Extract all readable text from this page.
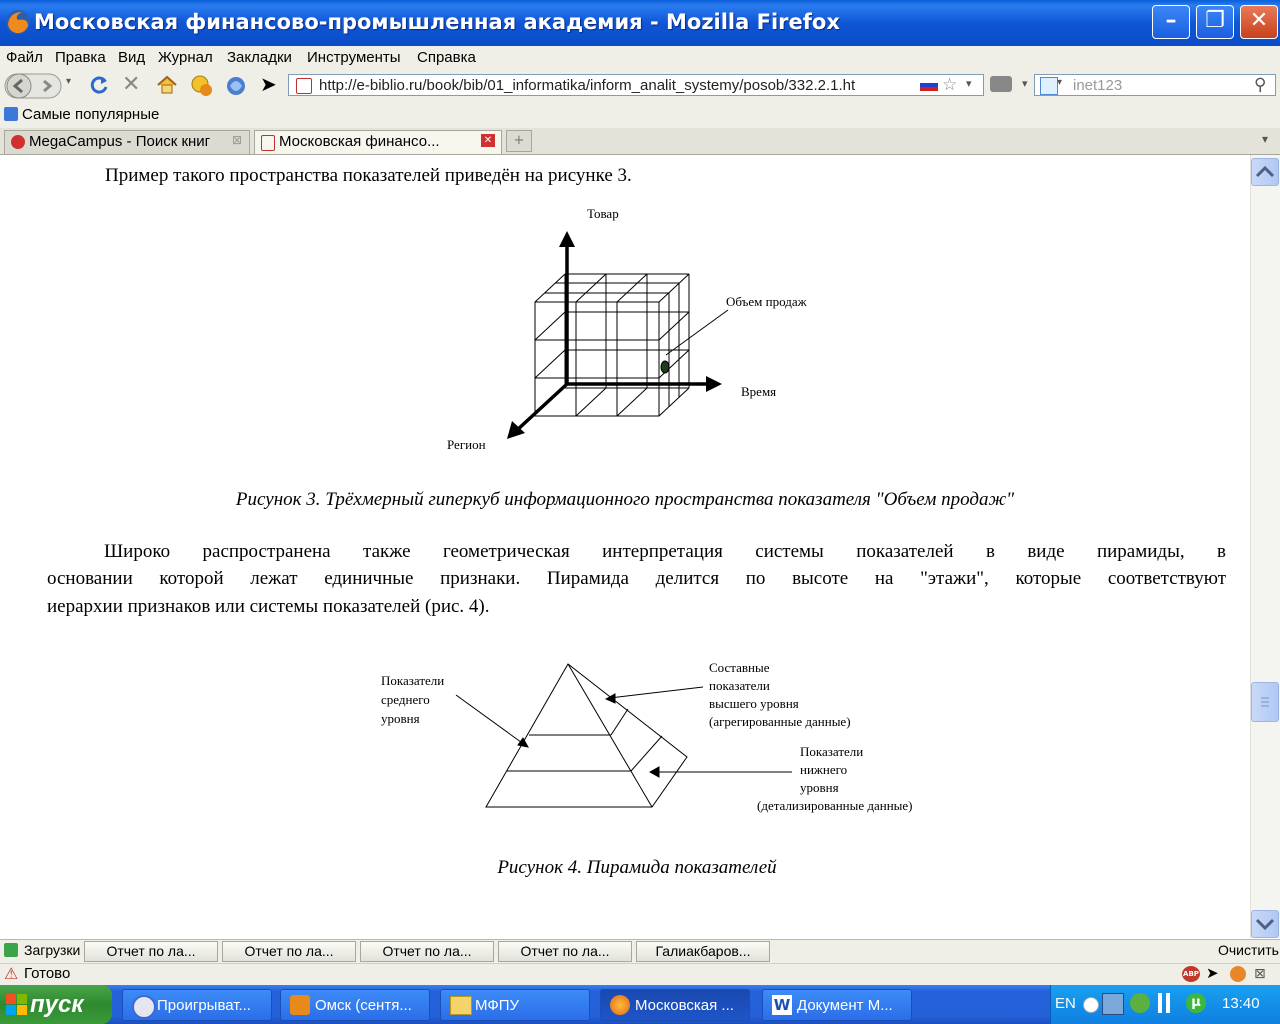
Московская финансово-промышленная академия - Mozilla Firefox	–	❐	✕
Файл Правка Вид Журнал Закладки Инструменты Справка
▾ ✕	➤	http://e-biblio.ru/book/bib/01_informatika/inform_analit_systemy/posob/332.2.1.ht	☆ ▾	▾	inet123
▾	⚲
Самые популярные
MegaCampus - Поиск книг	⊠	Московская финансо...	✕	+	▾
Пример такого пространства показателей приведён на рисунке 3.
Товар
Объем продаж
Время
Регион
Рисунок 3. Трёхмерный гиперкуб информационного пространства показателя "Объем продаж"
Широко распространена также геометрическая интерпретация системы показателей в виде пирамиды, в
основании которой лежат единичные признаки. Пирамида делится по высоте на "этажи", которые соответствуют
иерархии признаков или системы показателей (рис. 4).
Показатели
среднего
уровня
Составные
показатели
высшего уровня
(агрегированные данные)
Показатели
нижнего
уровня
(детализированные данные)
Рисунок 4. Пирамида показателей
Загрузки	Отчет по ла...	Отчет по ла...	Отчет по ла...	Отчет по ла...	Галиакбаров...	Очистить
⚠ Готово	ABP ➤	⊠
пуск	Проигрыват...	Омск (сентя...	МФПУ	Московская ...	Документ M...
W	EN	µ	13:40
